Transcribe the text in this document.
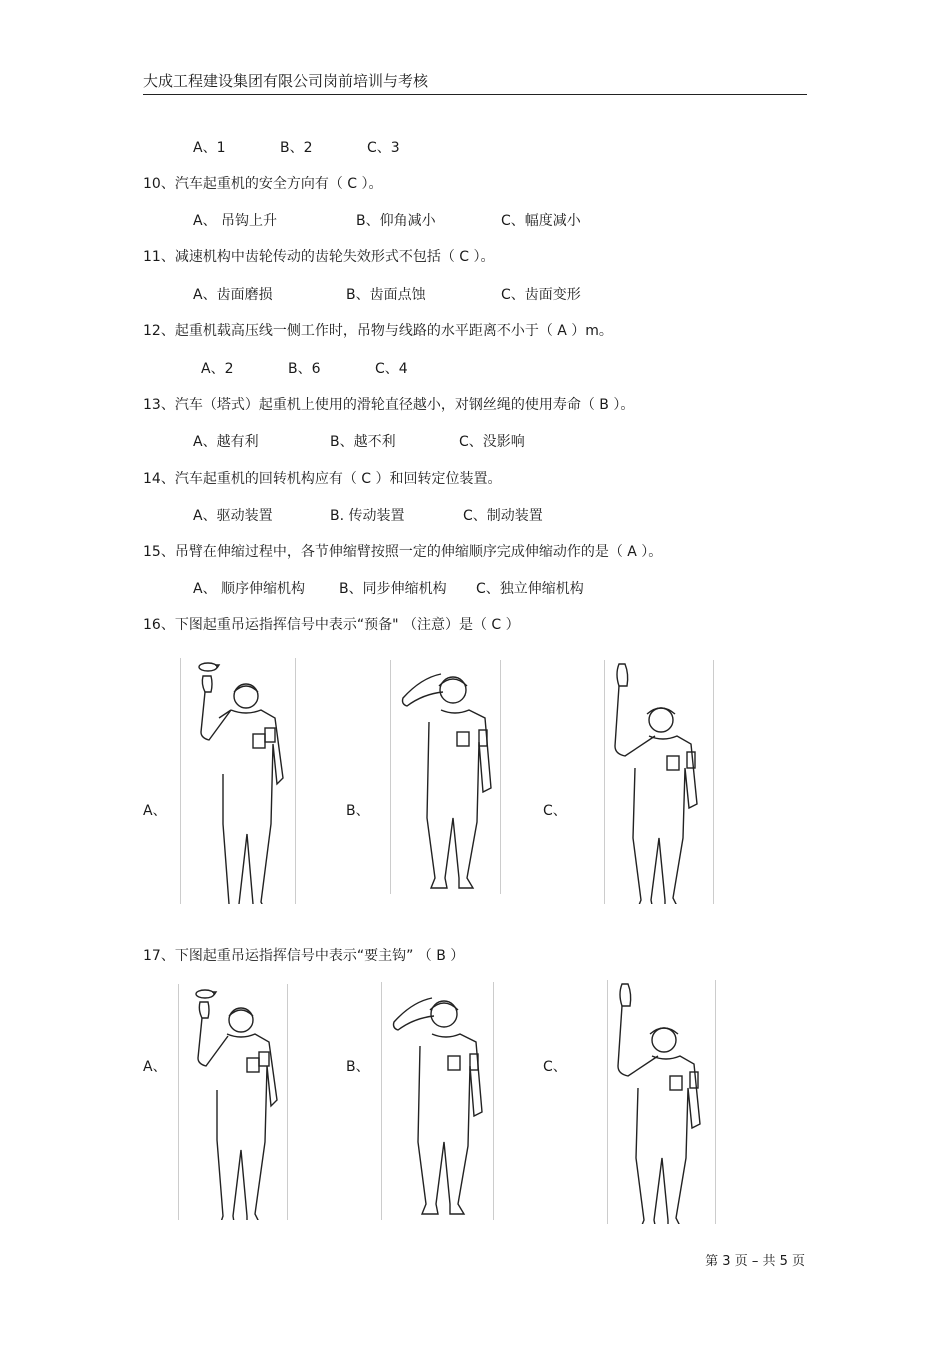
大成工程建设集团有限公司岗前培训与考核
A、1	B、2	C、3
10、汽车起重机的安全方向有（ C ）。
A、 吊钩上升	B、仰角减小	C、幅度减小
11、减速机构中齿轮传动的齿轮失效形式不包括（ C ）。
A、齿面磨损	B、齿面点蚀	C、齿面变形
12、起重机载高压线一侧工作时，吊物与线路的水平距离不小于（ A ）m。
A、2	B、6	C、4
13、汽车（塔式）起重机上使用的滑轮直径越小，对钢丝绳的使用寿命（ B ）。
A、越有利	B、越不利	C、没影响
14、汽车起重机的回转机构应有（ C ）和回转定位装置。
A、驱动装置	B. 传动装置	C、制动装置
15、吊臂在伸缩过程中，各节伸缩臂按照一定的伸缩顺序完成伸缩动作的是（ A ）。
A、 顺序伸缩机构 B、同步伸缩机构 C、独立伸缩机构
16、下图起重吊运指挥信号中表示“预备" （注意）是（ C ）
A、	B、	C、
17、下图起重吊运指挥信号中表示“要主钩” （ B ）
A、	B、	C、
第 3 页 – 共 5 页
